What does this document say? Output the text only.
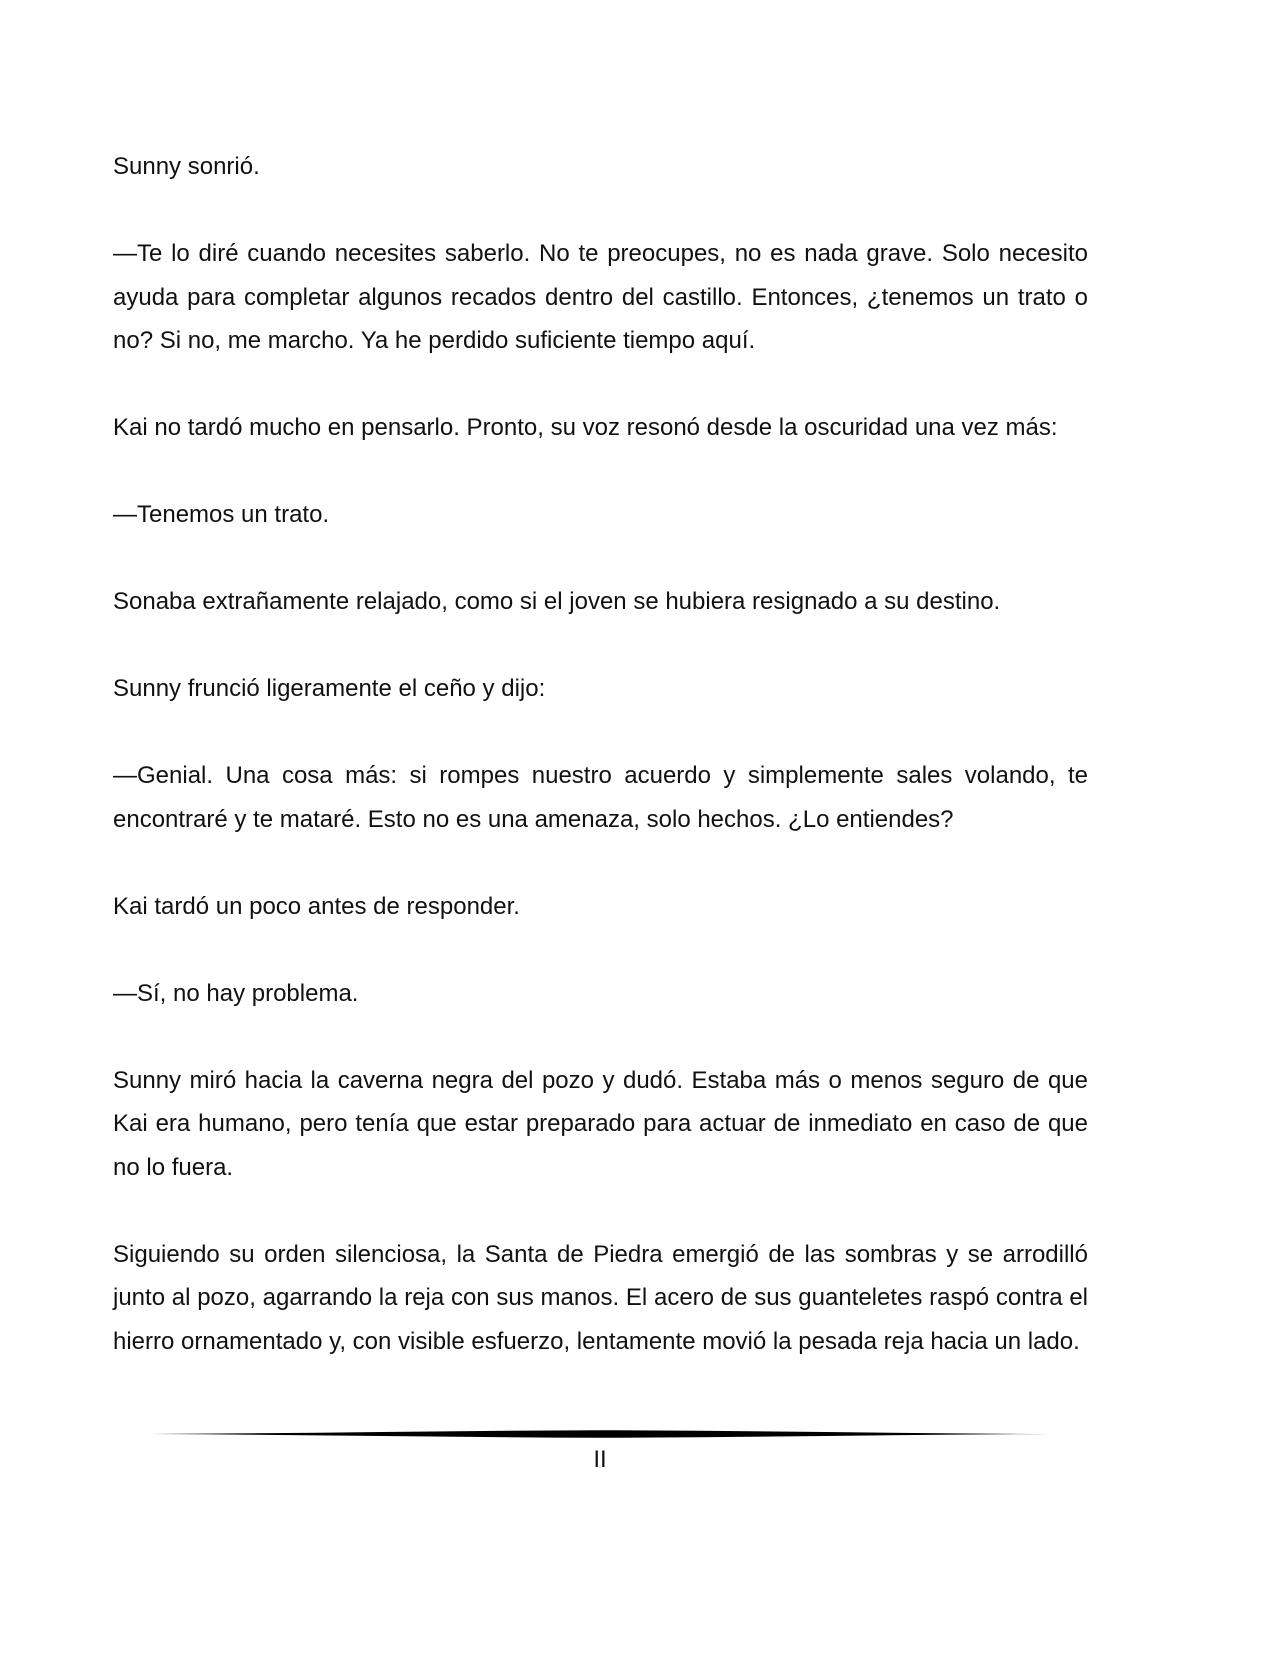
Sunny sonrió.

—Te lo diré cuando necesites saberlo. No te preocupes, no es nada grave. Solo necesito ayuda para completar algunos recados dentro del castillo. Entonces, ¿tenemos un trato o no? Si no, me marcho. Ya he perdido suficiente tiempo aquí.

Kai no tardó mucho en pensarlo. Pronto, su voz resonó desde la oscuridad una vez más:

—Tenemos un trato.

Sonaba extrañamente relajado, como si el joven se hubiera resignado a su destino.

Sunny frunció ligeramente el ceño y dijo:

—Genial. Una cosa más: si rompes nuestro acuerdo y simplemente sales volando, te encontraré y te mataré. Esto no es una amenaza, solo hechos. ¿Lo entiendes?

Kai tardó un poco antes de responder.

—Sí, no hay problema.

Sunny miró hacia la caverna negra del pozo y dudó. Estaba más o menos seguro de que Kai era humano, pero tenía que estar preparado para actuar de inmediato en caso de que no lo fuera.

Siguiendo su orden silenciosa, la Santa de Piedra emergió de las sombras y se arrodilló junto al pozo, agarrando la reja con sus manos. El acero de sus guanteletes raspó contra el hierro ornamentado y, con visible esfuerzo, lentamente movió la pesada reja hacia un lado.

II
